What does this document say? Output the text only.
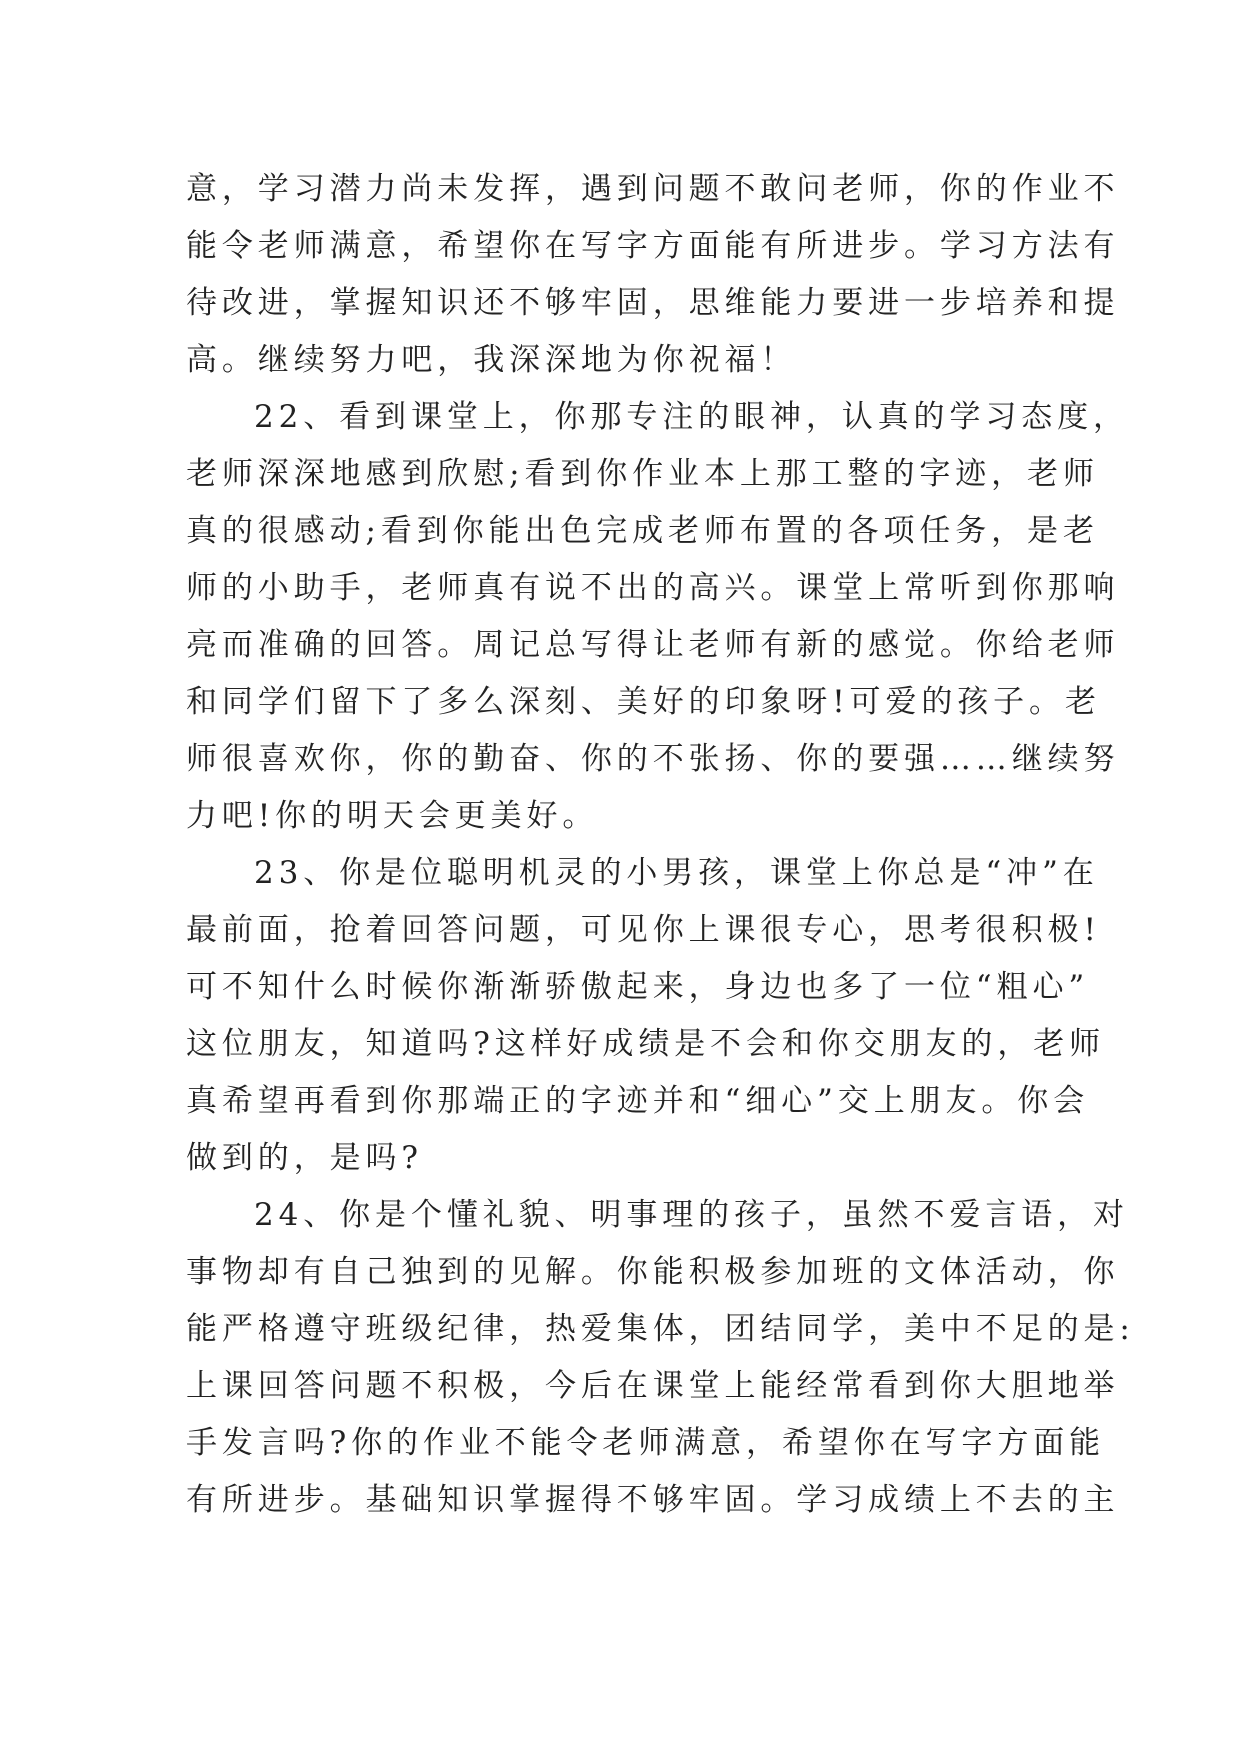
意，学习潜力尚未发挥，遇到问题不敢问老师，你的作业不
能令老师满意，希望你在写字方面能有所进步。学习方法有
待改进，掌握知识还不够牢固，思维能力要进一步培养和提
高。继续努力吧，我深深地为你祝福！
22、看到课堂上，你那专注的眼神，认真的学习态度，
老师深深地感到欣慰;看到你作业本上那工整的字迹，老师
真的很感动;看到你能出色完成老师布置的各项任务，是老
师的小助手，老师真有说不出的高兴。课堂上常听到你那响
亮而准确的回答。周记总写得让老师有新的感觉。你给老师
和同学们留下了多么深刻、美好的印象呀!可爱的孩子。老
师很喜欢你，你的勤奋、你的不张扬、你的要强……继续努
力吧!你的明天会更美好。
23、你是位聪明机灵的小男孩，课堂上你总是“冲”在
最前面，抢着回答问题，可见你上课很专心，思考很积极!
可不知什么时候你渐渐骄傲起来，身边也多了一位“粗心”
这位朋友，知道吗?这样好成绩是不会和你交朋友的，老师
真希望再看到你那端正的字迹并和“细心”交上朋友。你会
做到的，是吗?
24、你是个懂礼貌、明事理的孩子，虽然不爱言语，对
事物却有自己独到的见解。你能积极参加班的文体活动，你
能严格遵守班级纪律，热爱集体，团结同学，美中不足的是:
上课回答问题不积极，今后在课堂上能经常看到你大胆地举
手发言吗?你的作业不能令老师满意，希望你在写字方面能
有所进步。基础知识掌握得不够牢固。学习成绩上不去的主
